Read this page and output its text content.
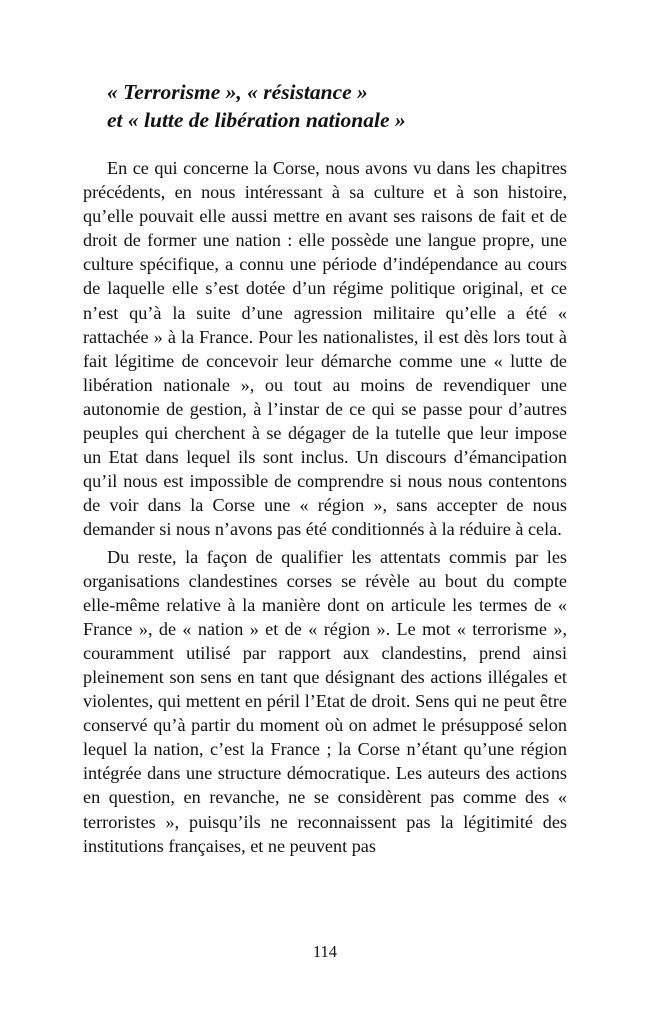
« Terrorisme », « résistance »
et « lutte de libération nationale »

En ce qui concerne la Corse, nous avons vu dans les chapitres précédents, en nous intéressant à sa culture et à son histoire, qu’elle pouvait elle aussi mettre en avant ses raisons de fait et de droit de former une nation : elle possède une langue propre, une culture spécifique, a connu une période d’indépendance au cours de laquelle elle s’est dotée d’un régime politique original, et ce n’est qu’à la suite d’une agression militaire qu’elle a été « rattachée » à la France. Pour les nationalistes, il est dès lors tout à fait légitime de concevoir leur démarche comme une « lutte de libération nationale », ou tout au moins de revendiquer une autonomie de gestion, à l’instar de ce qui se passe pour d’autres peuples qui cherchent à se dégager de la tutelle que leur impose un Etat dans lequel ils sont inclus. Un discours d’émancipation qu’il nous est impossible de comprendre si nous nous contentons de voir dans la Corse une « région », sans accepter de nous demander si nous n’avons pas été conditionnés à la réduire à cela.

Du reste, la façon de qualifier les attentats commis par les organisations clandestines corses se révèle au bout du compte elle-même relative à la manière dont on articule les termes de « France », de « nation » et de « région ». Le mot « terrorisme », couramment utilisé par rapport aux clandestins, prend ainsi pleinement son sens en tant que désignant des actions illégales et violentes, qui mettent en péril l’Etat de droit. Sens qui ne peut être conservé qu’à partir du moment où on admet le présupposé selon lequel la nation, c’est la France ; la Corse n’étant qu’une région intégrée dans une structure démocratique. Les auteurs des actions en question, en revanche, ne se considèrent pas comme des « terroristes », puisqu’ils ne reconnaissent pas la légitimité des institutions françaises, et ne peuvent pas

114
